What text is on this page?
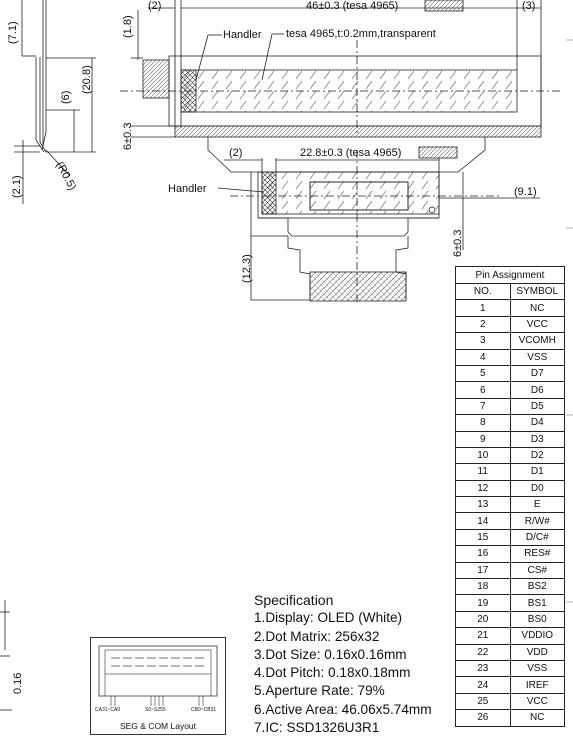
(7.1)
(20.8)
(6)
(2.1)	(R0.5)
(2)	46±0.3 (tesa 4965)	(3)
(1.8)
6±0.3
Handler tesa 4965,t:0.2mm,transparent
(2)	22.8±0.3 (tesa 4965)
(9.1)
6±0.3
(12.3)
Handler
0.16
Pin Assignment	
NO.	SYMBOL
1	NC
2	VCC
3	VCOMH
4	VSS
5	D7
6	D6
7	D5
8	D4
9	D3
10	D2
11	D1
12	D0
13	E
14	R/W#
15	D/C#
16	RES#
17	CS#
18	BS2
19	BS1
20	BS0
21	VDDIO
22	VDD
23	VSS
24	IREF
25	VCC
26	NC
Specification
1.Display: OLED (White)
2.Dot Matrix: 256x32
3.Dot Size: 0.16x0.16mm
4.Dot Pitch: 0.18x0.18mm
5.Aperture Rate: 79%
6.Active Area: 46.06x5.74mm
7.IC: SSD1326U3R1
CA31~CA0	S0~S255	CB0~CB31
SEG & COM Layout
